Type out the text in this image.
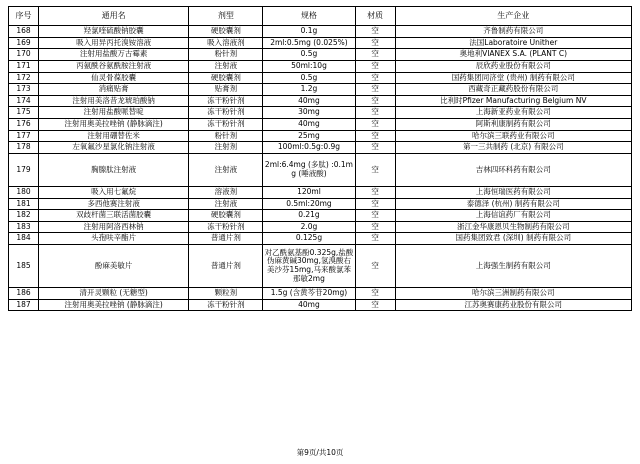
序号	通用名	剂型	规格	材质	生产企业
168	羟氯喹硫酸钠胶囊	硬胶囊剂	0.1g	空	齐鲁制药有限公司
169	吸入用异丙托溴铵溶液	吸入溶液剂	2ml:0.5mg (0.025%)	空	法国Laboratoire Unither
170	注射用盐酸万古霉素	粉针剂	0.5g	空	奥地利VIANEX S.A. (PLANT C)
171	丙氨酰谷氨酰胺注射液	注射液	50ml:10g	空	辰欣药业股份有限公司
172	仙灵骨葆胶囊	硬胶囊剂	0.5g	空	国药集团同济堂 (贵州) 制药有限公司
173	消痛贴膏	贴膏剂	1.2g	空	西藏奇正藏药股份有限公司
174	注射用美洛昔龙琥珀酸钠	冻干粉针剂	40mg	空	比利时Pfizer Manufacturing Belgium NV
175	注射用盐酸哌替啶	冻干粉针剂	30mg	空	上海新亚药业有限公司
176	注射用奥美拉唑钠 (静脉滴注)	冻干粉针剂	40mg	空	阿斯利康制药有限公司
177	注射用硼替佐米	粉针剂	25mg	空	哈尔滨三联药业有限公司
178	左氧氟沙星氯化钠注射液	注射剂	100ml:0.5g:0.9g	空	第一三共制药 (北京) 有限公司
179	胸腺肽注射液	注射液	2ml:6.4mg (多肽) :0.1mg (唾液酸)	空	吉林四环科药有限公司
180	吸入用七氟烷	溶液剂	120ml	空	上海恒瑞医药有限公司
181	多西他赛注射液	注射液	0.5ml:20mg	空	泰德泽 (杭州) 制药有限公司
182	双歧杆菌三联活菌胶囊	硬胶囊剂	0.21g	空	上海信谊药厂有限公司
183	注射用阿洛西林钠	冻干粉针剂	2.0g	空	浙江金华康恩贝生物制药有限公司
184	头孢呋辛酯片	普通片剂	0.125g	空	国药集团致君 (深圳) 制药有限公司
185	酚麻美敏片	普通片剂	对乙酰氨基酚0.325g,盐酸伪麻黄碱30mg,氢溴酸右美沙芬15mg,马来酸氯苯那敏2mg	空	上海强生制药有限公司
186	清开灵颗粒 (无糖型)	颗粒剂	1.5g (含黄芩苷20mg)	空	哈尔滨三洲制药有限公司
187	注射用奥美拉唑钠 (静脉滴注)	冻干粉针剂	40mg	空	江苏奥赛康药业股份有限公司
第9页/共10页
